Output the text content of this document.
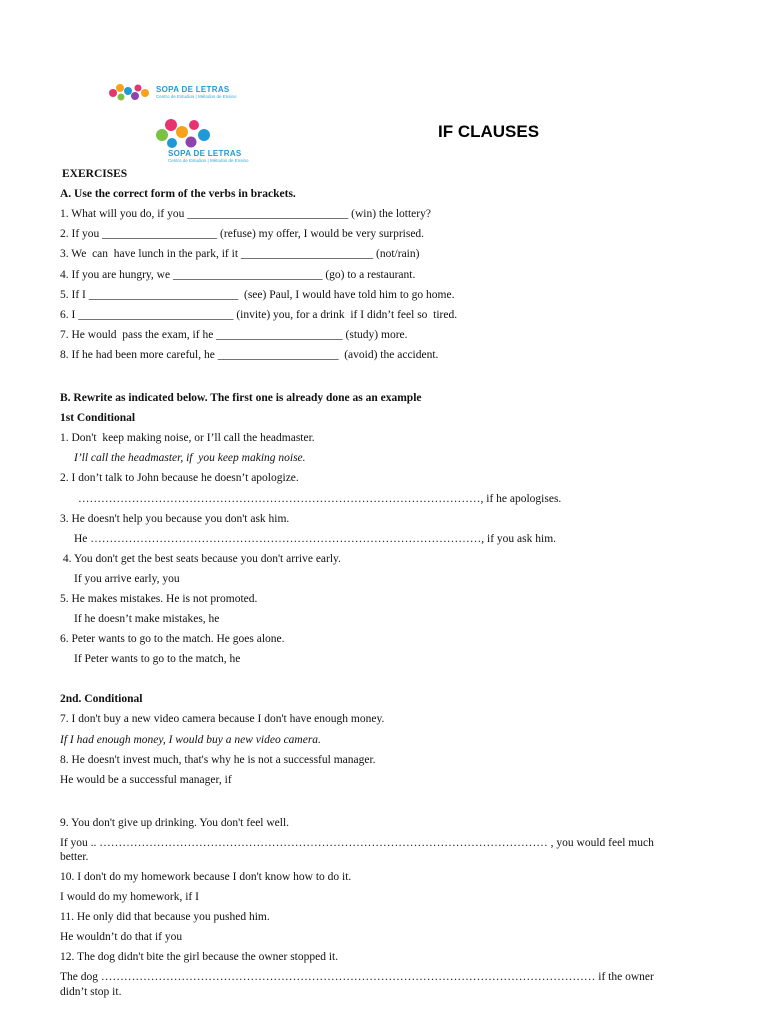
SOPA DE LETRAS
Centro de Estudios | Métodos de Ensino
SOPA DE LETRAS
Centro de Estudios | Métodos de Ensino
IF CLAUSES
EXERCISES
A. Use the correct form of the verbs in brackets.
1. What will you do, if you ____________________________ (win) the lottery?
2. If you ____________________ (refuse) my offer, I would be very surprised.
3. We  can  have lunch in the park, if it _______________________ (not/rain)
4. If you are hungry, we __________________________ (go) to a restaurant.
5. If I __________________________  (see) Paul, I would have told him to go home.
6. I ___________________________ (invite) you, for a drink  if I didn’t feel so  tired.
7. He would  pass the exam, if he ______________________ (study) more.
8. If he had been more careful, he _____________________  (avoid) the accident.
B. Rewrite as indicated below. The first one is already done as an example
1st Conditional
1. Don't  keep making noise, or I’ll call the headmaster.
I’ll call the headmaster, if  you keep making noise.
2. I don’t talk to John because he doesn’t apologize.
……………………………………………………………………………………………, if he apologises.
3. He doesn't help you because you don't ask him.
He …………………………………………………………………………………………, if you ask him.
4. You don't get the best seats because you don't arrive early.
If you arrive early, you
5. He makes mistakes. He is not promoted.
If he doesn’t make mistakes, he
6. Peter wants to go to the match. He goes alone.
If Peter wants to go to the match, he
2nd. Conditional
7. I don't buy a new video camera because I don't have enough money.
If I had enough money, I would buy a new video camera.
8. He doesn't invest much, that's why he is not a successful manager.
He would be a successful manager, if
9. You don't give up drinking. You don't feel well.
If you .. ……………………………………………………………………………………………………… , you would feel much
better.
10. I don't do my homework because I don't know how to do it.
I would do my homework, if I
11. He only did that because you pushed him.
He wouldn’t do that if you
12. The dog didn't bite the girl because the owner stopped it.
The dog ………………………………………………………………………………………………………………… if the owner
didn’t stop it.
